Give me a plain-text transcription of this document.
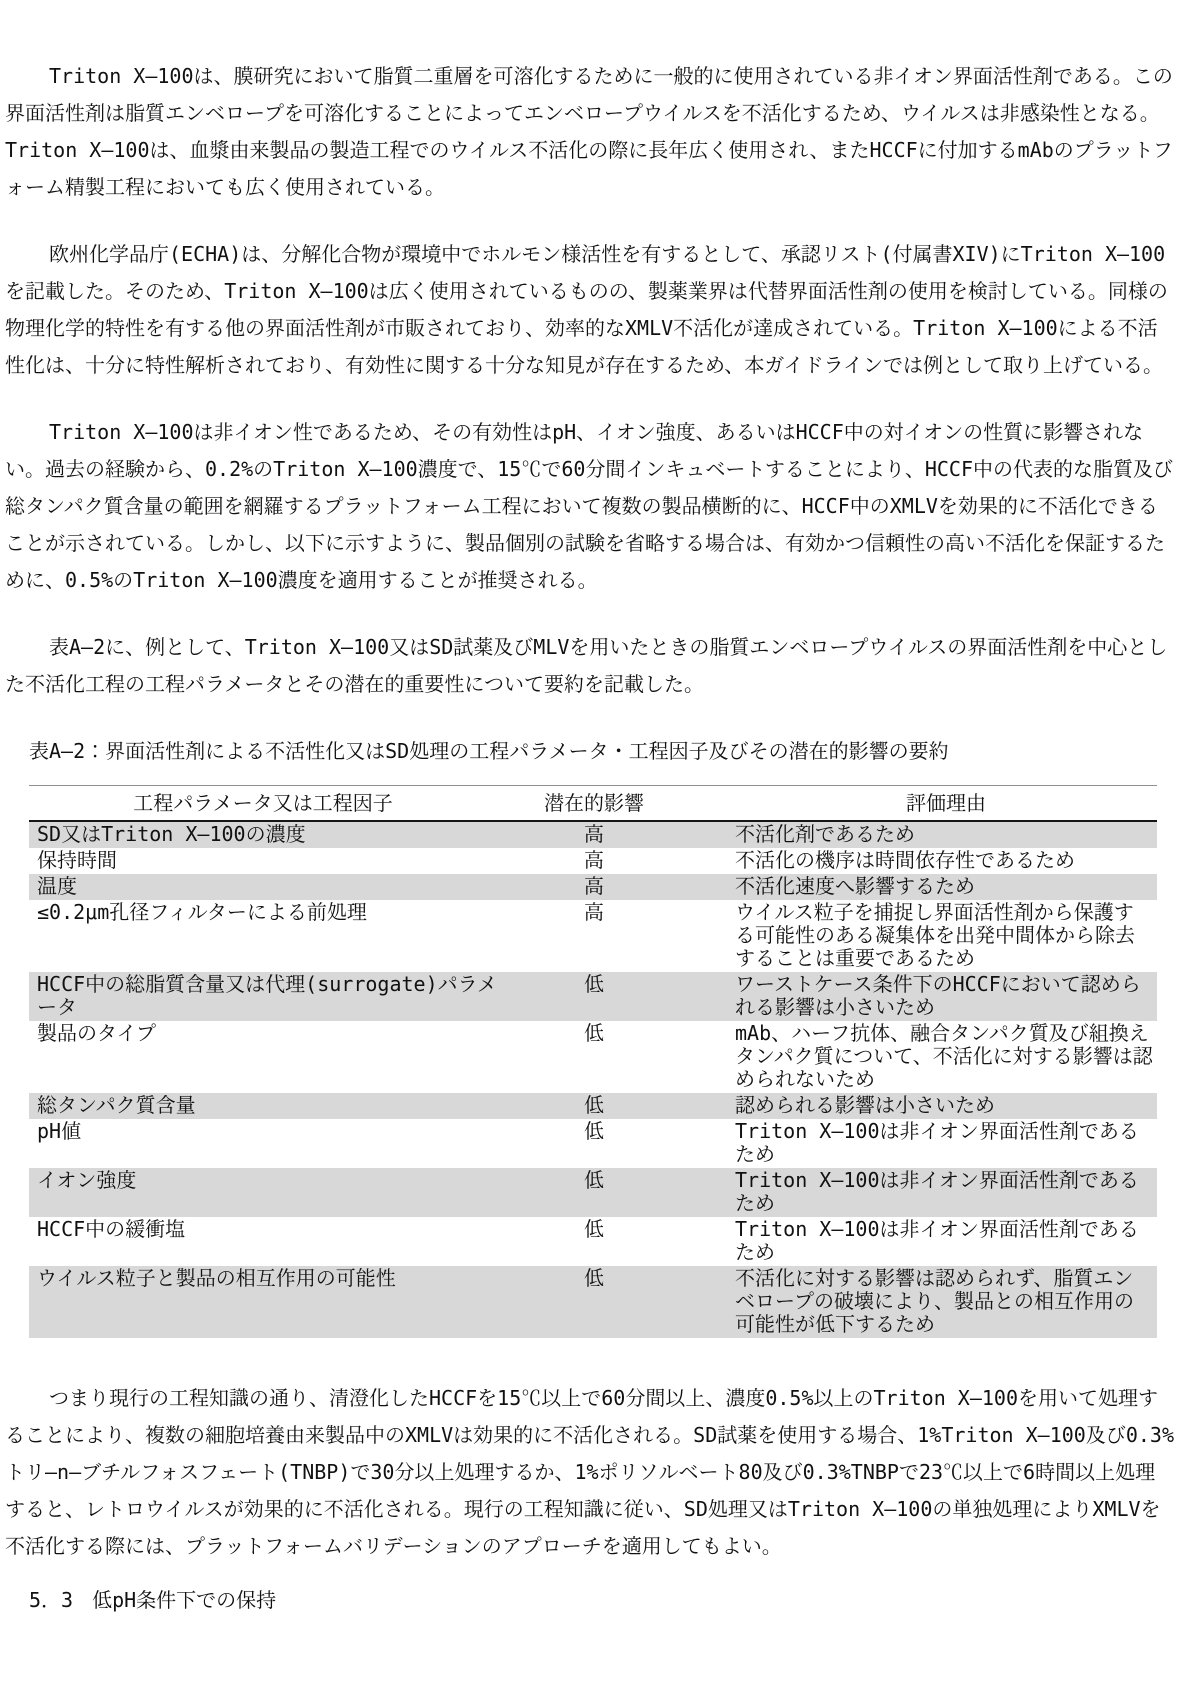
Triton X—100は、膜研究において脂質二重層を可溶化するために一般的に使用されている非イオン界面活性剤である。この界面活性剤は脂質エンベロープを可溶化することによってエンベロープウイルスを不活化するため、ウイルスは非感染性となる。Triton X—100は、血漿由来製品の製造工程でのウイルス不活化の際に長年広く使用され、またHCCFに付加するmAbのプラットフォーム精製工程においても広く使用されている。

欧州化学品庁(ECHA)は、分解化合物が環境中でホルモン様活性を有するとして、承認リスト(付属書XIV)にTriton X—100を記載した。そのため、Triton X—100は広く使用されているものの、製薬業界は代替界面活性剤の使用を検討している。同様の物理化学的特性を有する他の界面活性剤が市販されており、効率的なXMLV不活化が達成されている。Triton X—100による不活性化は、十分に特性解析されており、有効性に関する十分な知見が存在するため、本ガイドラインでは例として取り上げている。

Triton X—100は非イオン性であるため、その有効性はpH、イオン強度、あるいはHCCF中の対イオンの性質に影響されない。過去の経験から、0.2%のTriton X—100濃度で、15℃で60分間インキュベートすることにより、HCCF中の代表的な脂質及び総タンパク質含量の範囲を網羅するプラットフォーム工程において複数の製品横断的に、HCCF中のXMLVを効果的に不活化できることが示されている。しかし、以下に示すように、製品個別の試験を省略する場合は、有効かつ信頼性の高い不活化を保証するために、0.5%のTriton X—100濃度を適用することが推奨される。

表A—2に、例として、Triton X—100又はSD試薬及びMLVを用いたときの脂質エンベロープウイルスの界面活性剤を中心とした不活化工程の工程パラメータとその潜在的重要性について要約を記載した。

表A—2：界面活性剤による不活性化又はSD処理の工程パラメータ・工程因子及びその潜在的影響の要約

工程パラメータ又は工程因子	潜在的影響	評価理由
SD又はTriton X—100の濃度	高	不活化剤であるため
保持時間	高	不活化の機序は時間依存性であるため
温度	高	不活化速度へ影響するため
≤0.2μm孔径フィルターによる前処理	高	ウイルス粒子を捕捉し界面活性剤から保護する可能性のある凝集体を出発中間体から除去することは重要であるため
HCCF中の総脂質含量又は代理(surrogate)パラメータ	低	ワーストケース条件下のHCCFにおいて認められる影響は小さいため
製品のタイプ	低	mAb、ハーフ抗体、融合タンパク質及び組換えタンパク質について、不活化に対する影響は認められないため
総タンパク質含量	低	認められる影響は小さいため
pH値	低	Triton X—100は非イオン界面活性剤であるため
イオン強度	低	Triton X—100は非イオン界面活性剤であるため
HCCF中の緩衝塩	低	Triton X—100は非イオン界面活性剤であるため
ウイルス粒子と製品の相互作用の可能性	低	不活化に対する影響は認められず、脂質エンベロープの破壊により、製品との相互作用の可能性が低下するため

つまり現行の工程知識の通り、清澄化したHCCFを15℃以上で60分間以上、濃度0.5%以上のTriton X—100を用いて処理することにより、複数の細胞培養由来製品中のXMLVは効果的に不活化される。SD試薬を使用する場合、1%Triton X—100及び0.3%トリ—n—ブチルフォスフェート(TNBP)で30分以上処理するか、1%ポリソルベート80及び0.3%TNBPで23℃以上で6時間以上処理すると、レトロウイルスが効果的に不活化される。現行の工程知識に従い、SD処理又はTriton X—100の単独処理によりXMLVを不活化する際には、プラットフォームバリデーションのアプローチを適用してもよい。

5．3 低pH条件下での保持
